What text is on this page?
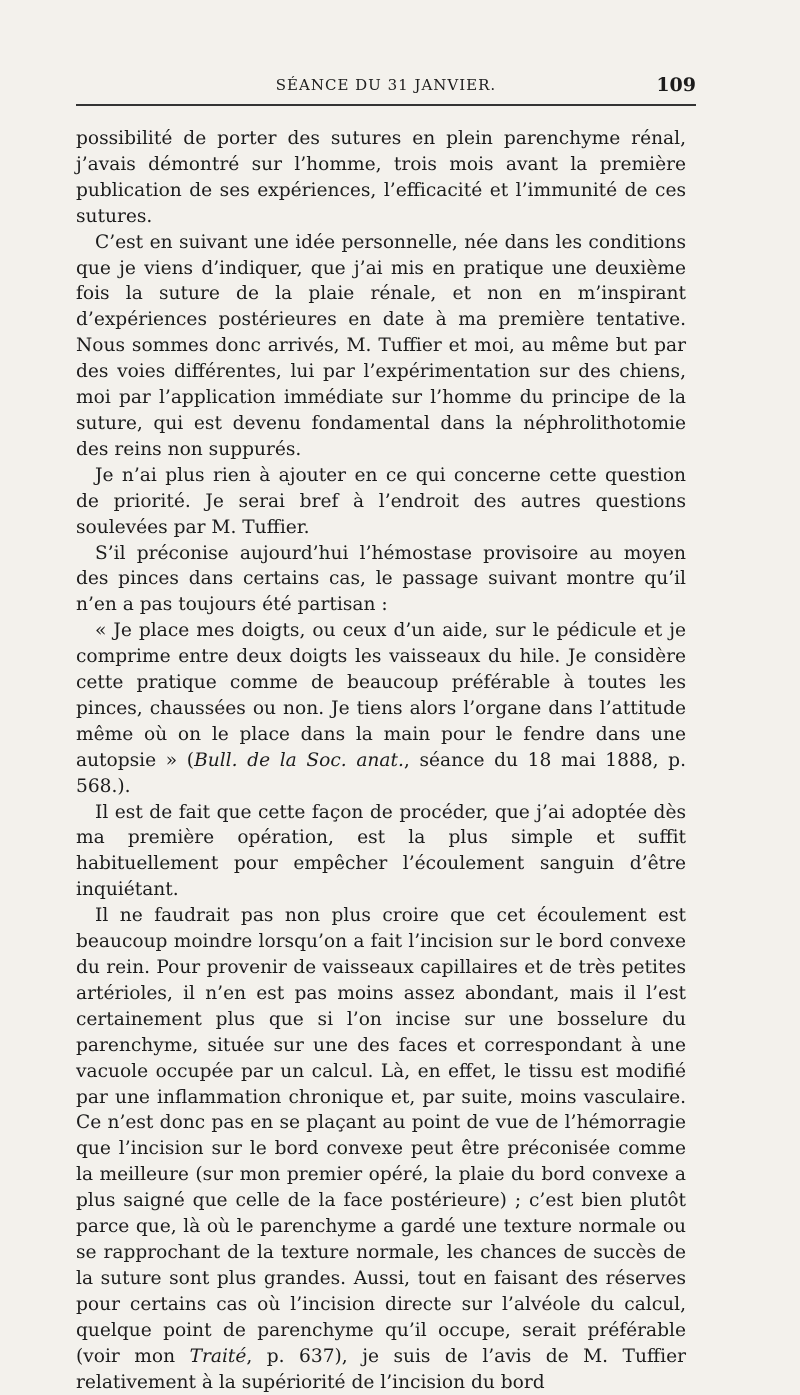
SÉANCE DU 31 JANVIER.	109

possibilité de porter des sutures en plein parenchyme rénal, j’avais démontré sur l’homme, trois mois avant la première publication de ses expériences, l’efficacité et l’immunité de ces sutures.

C’est en suivant une idée personnelle, née dans les conditions que je viens d’indiquer, que j’ai mis en pratique une deuxième fois la suture de la plaie rénale, et non en m’inspirant d’expériences postérieures en date à ma première tentative. Nous sommes donc arrivés, M. Tuffier et moi, au même but par des voies différentes, lui par l’expérimentation sur des chiens, moi par l’application immédiate sur l’homme du principe de la suture, qui est devenu fondamental dans la néphrolithotomie des reins non suppurés.

Je n’ai plus rien à ajouter en ce qui concerne cette question de priorité. Je serai bref à l’endroit des autres questions soulevées par M. Tuffier.

S’il préconise aujourd’hui l’hémostase provisoire au moyen des pinces dans certains cas, le passage suivant montre qu’il n’en a pas toujours été partisan :

« Je place mes doigts, ou ceux d’un aide, sur le pédicule et je comprime entre deux doigts les vaisseaux du hile. Je considère cette pratique comme de beaucoup préférable à toutes les pinces, chaussées ou non. Je tiens alors l’organe dans l’attitude même où on le place dans la main pour le fendre dans une autopsie » (Bull. de la Soc. anat., séance du 18 mai 1888, p. 568.).

Il est de fait que cette façon de procéder, que j’ai adoptée dès ma première opération, est la plus simple et suffit habituellement pour empêcher l’écoulement sanguin d’être inquiétant.

Il ne faudrait pas non plus croire que cet écoulement est beaucoup moindre lorsqu’on a fait l’incision sur le bord convexe du rein. Pour provenir de vaisseaux capillaires et de très petites artérioles, il n’en est pas moins assez abondant, mais il l’est certainement plus que si l’on incise sur une bosselure du parenchyme, située sur une des faces et correspondant à une vacuole occupée par un calcul. Là, en effet, le tissu est modifié par une inflammation chronique et, par suite, moins vasculaire. Ce n’est donc pas en se plaçant au point de vue de l’hémorragie que l’incision sur le bord convexe peut être préconisée comme la meilleure (sur mon premier opéré, la plaie du bord convexe a plus saigné que celle de la face postérieure) ; c’est bien plutôt parce que, là où le parenchyme a gardé une texture normale ou se rapprochant de la texture normale, les chances de succès de la suture sont plus grandes. Aussi, tout en faisant des réserves pour certains cas où l’incision directe sur l’alvéole du calcul, quelque point de parenchyme qu’il occupe, serait préférable (voir mon Traité, p. 637), je suis de l’avis de M. Tuffier relativement à la supériorité de l’incision du bord
